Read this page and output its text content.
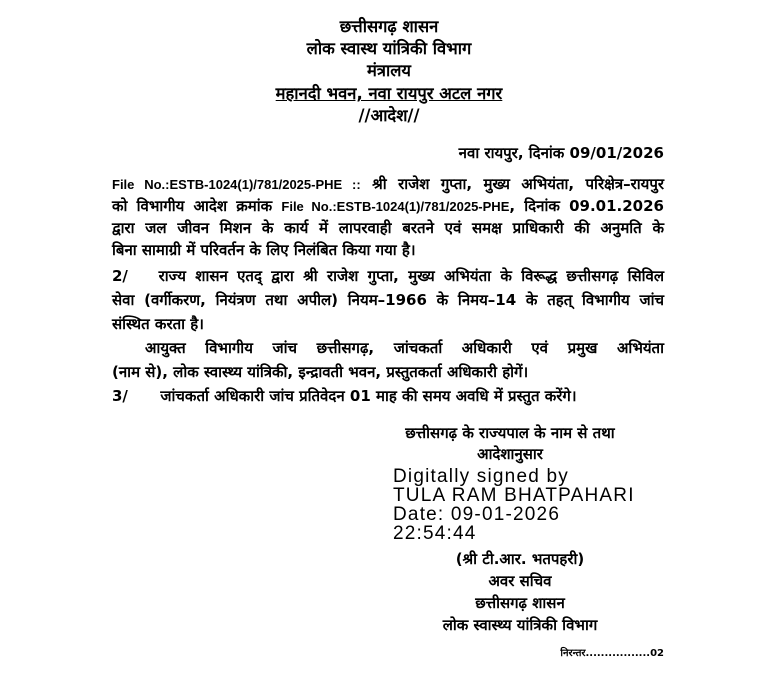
छत्तीसगढ़ शासन
लोक स्वास्थ यांत्रिकी विभाग
मंत्रालय
महानदी भवन, नवा रायपुर अटल नगर
//आदेश//
नवा रायपुर, दिनांक 09/01/2026
File No.:ESTB-1024(1)/781/2025-PHE :: श्री राजेश गुप्ता, मुख्य अभियंता, परिक्षेत्र–रायपुर
को विभागीय आदेश क्रमांक File No.:ESTB-1024(1)/781/2025-PHE, दिनांक 09.01.2026
द्वारा जल जीवन मिशन के कार्य में लापरवाही बरतने एवं समक्ष प्राधिकारी की अनुमति के
बिना सामाग्री में परिवर्तन के लिए निलंबित किया गया है।
2/ राज्य शासन एतद् द्वारा श्री राजेश गुप्ता, मुख्य अभियंता के विरूद्ध छत्तीसगढ़ सिविल
सेवा (वर्गीकरण, नियंत्रण तथा अपील) नियम–1966 के निमय–14 के तहत् विभागीय जांच
संस्थित करता है।
आयुक्त विभागीय जांच छत्तीसगढ़, जांचकर्ता अधिकारी एवं प्रमुख अभियंता
(नाम से), लोक स्वास्थ्य यांत्रिकी, इन्द्रावती भवन, प्रस्तुतकर्ता अधिकारी होगें।
3/ जांचकर्ता अधिकारी जांच प्रतिवेदन 01 माह की समय अवधि में प्रस्तुत करेंगे।
छत्तीसगढ़ के राज्यपाल के नाम से तथा
आदेशानुसार
Digitally signed by
TULA RAM BHATPAHARI
Date: 09-01-2026
22:54:44
(श्री टी.आर. भतपहरी)
अवर सचिव
छत्तीसगढ़ शासन
लोक स्वास्थ्य यांत्रिकी विभाग
निरन्तर.................02
